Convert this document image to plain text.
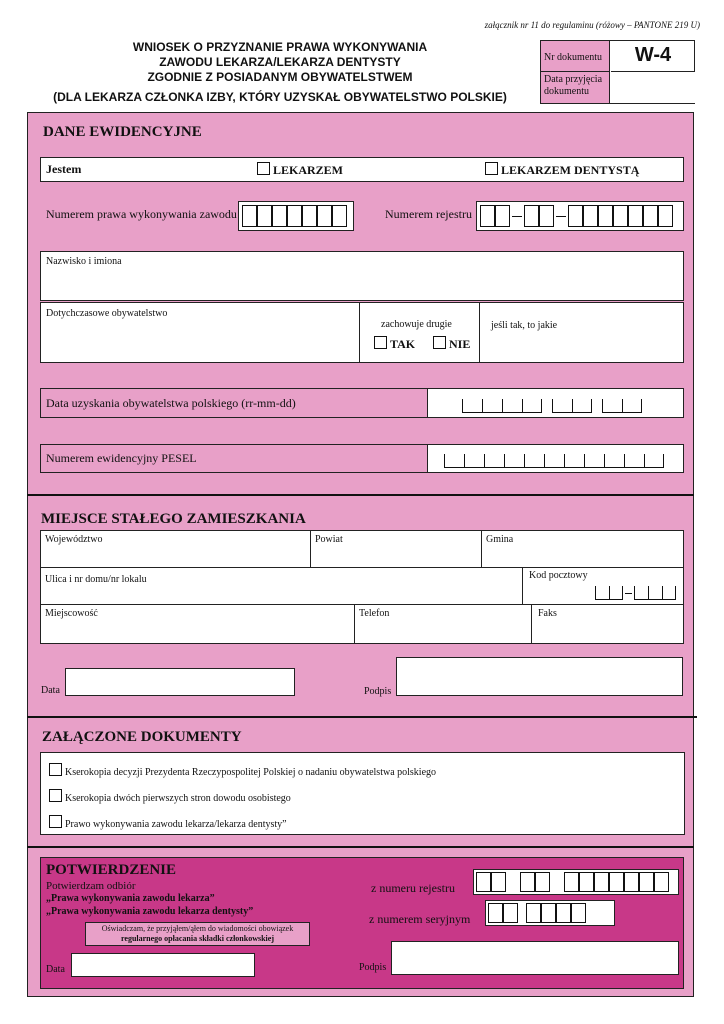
załącznik nr 11 do regulaminu (różowy – PANTONE 219 U)
WNIOSEK O PRZYZNANIE PRAWA WYKONYWANIA
ZAWODU LEKARZA/LEKARZA DENTYSTY
ZGODNIE Z POSIADANYM OBYWATELSTWEM
(DLA LEKARZA CZŁONKA IZBY, KTÓRY UZYSKAŁ OBYWATELSTWO POLSKIE)
Nr dokumentu	W-4
Data przyjęcia dokumentu
DANE EWIDENCYJNE
Jestem	LEKARZEM	LEKARZEM DENTYSTĄ
Numerem prawa wykonywania zawodu	Numerem rejestru
Nazwisko i imiona
Dotychczasowe obywatelstwo
zachowuje drugie
TAK	NIE
jeśli tak, to jakie
Data uzyskania obywatelstwa polskiego (rr-mm-dd)
Numerem ewidencyjny PESEL
MIEJSCE STAŁEGO ZAMIESZKANIA
Województwo	Powiat	Gmina
Ulica i nr domu/nr lokalu	Kod pocztowy
Miejscowość	Telefon	Faks
Data	Podpis
ZAŁĄCZONE DOKUMENTY
Kserokopia decyzji Prezydenta Rzeczypospolitej Polskiej o nadaniu obywatelstwa polskiego
Kserokopia dwóch pierwszych stron dowodu osobistego
Prawo wykonywania zawodu lekarza/lekarza dentysty”
POTWIERDZENIE
Potwierdzam odbiór
„Prawa wykonywania zawodu lekarza”
„Prawa wykonywania zawodu lekarza dentysty”
Oświadczam, że przyjąłem/ąłem do wiadomości obowiązek
regularnego opłacania składki członkowskiej
z numeru rejestru
z numerem seryjnym
Data	Podpis
